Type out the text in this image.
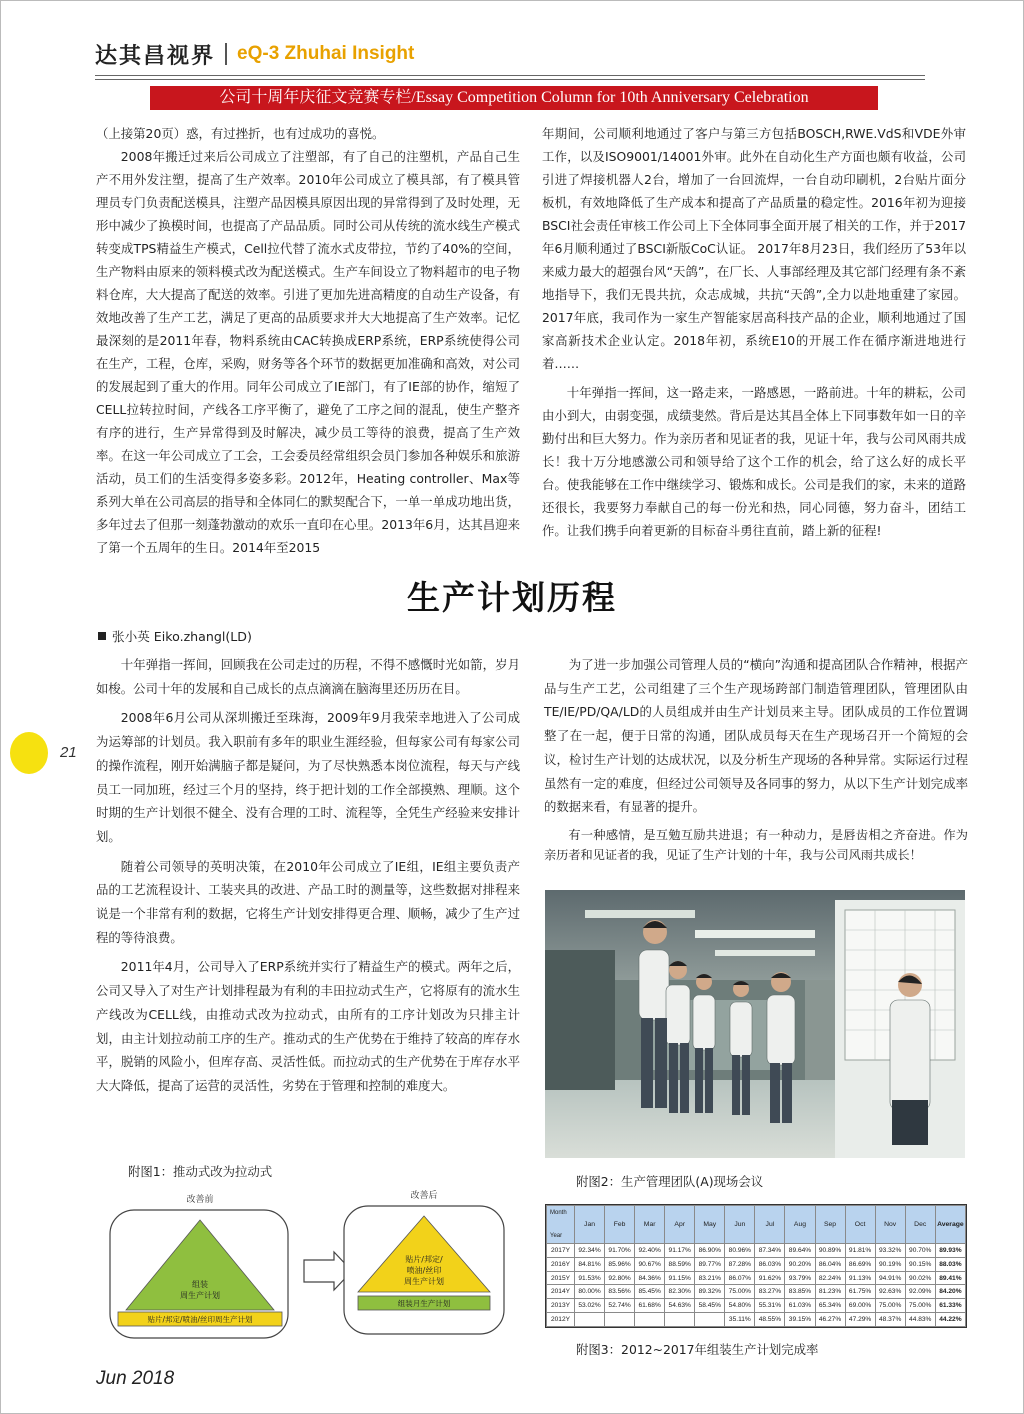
达其昌视界 eQ-3 Zhuhai Insight
公司十周年庆征文竞赛专栏/Essay Competition Column for 10th Anniversary Celebration

（上接第20页）惑，有过挫折，也有过成功的喜悦。

2008年搬迁过来后公司成立了注塑部，有了自己的注塑机，产品自己生产不用外发注塑，提高了生产效率。2010年公司成立了模具部，有了模具管理员专门负责配送模具，注塑产品因模具原因出现的异常得到了及时处理，无形中减少了换模时间，也提高了产品品质。同时公司从传统的流水线生产模式转变成TPS精益生产模式，Cell拉代替了流水式皮带拉，节约了40%的空间，生产物料由原来的领料模式改为配送模式。生产车间设立了物料超市的电子物料仓库，大大提高了配送的效率。引进了更加先进高精度的自动生产设备，有效地改善了生产工艺，满足了更高的品质要求并大大地提高了生产效率。记忆最深刻的是2011年春，物料系统由CAC转换成ERP系统，ERP系统使得公司在生产，工程，仓库，采购，财务等各个环节的数据更加准确和高效，对公司的发展起到了重大的作用。同年公司成立了IE部门，有了IE部的协作，缩短了CELL拉转拉时间，产线各工序平衡了，避免了工序之间的混乱，使生产整齐有序的进行，生产异常得到及时解决，减少员工等待的浪费，提高了生产效率。在这一年公司成立了工会，工会委员经常组织会员门参加各种娱乐和旅游活动，员工们的生活变得多姿多彩。2012年，Heating controller、Max等系列大单在公司高层的指导和全体同仁的默契配合下，一单一单成功地出货，多年过去了但那一刻蓬勃激动的欢乐一直印在心里。2013年6月，达其昌迎来了第一个五周年的生日。2014年至2015

年期间，公司顺利地通过了客户与第三方包括BOSCH,RWE.VdS和VDE外审工作，以及ISO9001/14001外审。此外在自动化生产方面也颇有收益，公司引进了焊接机器人2台，增加了一台回流焊，一台自动印刷机，2台贴片面分板机，有效地降低了生产成本和提高了产品质量的稳定性。2016年初为迎接BSCI社会责任审核工作公司上下全体同事全面开展了相关的工作，并于2017年6月顺利通过了BSCI新版CoC认证。 2017年8月23日，我们经历了53年以来威力最大的超强台风“天鸽”，在厂长、人事部经理及其它部门经理有条不紊地指导下，我们无畏共抗，众志成城，共抗“天鸽”,全力以赴地重建了家园。2017年底，我司作为一家生产智能家居高科技产品的企业，顺利地通过了国家高新技术企业认定。2018年初，系统E10的开展工作在循序渐进地进行着……

十年弹指一挥间，这一路走来，一路感恩，一路前进。十年的耕耘，公司由小到大，由弱变强，成绩斐然。背后是达其昌全体上下同事数年如一日的辛勤付出和巨大努力。作为亲历者和见证者的我，见证十年，我与公司风雨共成长！我十万分地感激公司和领导给了这个工作的机会，给了这么好的成长平台。使我能够在工作中继续学习、锻炼和成长。公司是我们的家，未来的道路还很长，我要努力奉献自己的每一份光和热，同心同德，努力奋斗，团结工作。让我们携手向着更新的目标奋斗勇往直前，踏上新的征程!

生产计划历程
张小英 Eiko.zhangl(LD)
21

十年弹指一挥间，回顾我在公司走过的历程，不得不感慨时光如箭，岁月如梭。公司十年的发展和自己成长的点点滴滴在脑海里还历历在目。

2008年6月公司从深圳搬迁至珠海，2009年9月我荣幸地进入了公司成为运筹部的计划员。我入职前有多年的职业生涯经验，但每家公司有每家公司的操作流程，刚开始满脑子都是疑问，为了尽快熟悉本岗位流程，每天与产线员工一同加班，经过三个月的坚持，终于把计划的工作全部摸熟、理顺。这个时期的生产计划很不健全、没有合理的工时、流程等，全凭生产经验来安排计划。

随着公司领导的英明决策，在2010年公司成立了IE组，IE组主要负责产品的工艺流程设计、工装夹具的改进、产品工时的测量等，这些数据对排程来说是一个非常有利的数据，它将生产计划安排得更合理、顺畅，减少了生产过程的等待浪费。

2011年4月，公司导入了ERP系统并实行了精益生产的模式。两年之后，公司又导入了对生产计划排程最为有利的丰田拉动式生产，它将原有的流水生产线改为CELL线，由推动式改为拉动式，由所有的工序计划改为只排主计划，由主计划拉动前工序的生产。推动式的生产优势在于维持了较高的库存水平，脱销的风险小，但库存高、灵活性低。而拉动式的生产优势在于库存水平大大降低，提高了运营的灵活性，劣势在于管理和控制的难度大。

为了进一步加强公司管理人员的“横向”沟通和提高团队合作精神，根据产品与生产工艺，公司组建了三个生产现场跨部门制造管理团队，管理团队由TE/IE/PD/QA/LD的人员组成并由生产计划员来主导。团队成员的工作位置调整了在一起，便于日常的沟通，团队成员每天在生产现场召开一个简短的会议，检讨生产计划的达成状况，以及分析生产现场的各种异常。实际运行过程虽然有一定的难度，但经过公司领导及各同事的努力，从以下生产计划完成率的数据来看，有显著的提升。

有一种感情，是互勉互励共进退；有一种动力，是唇齿相之齐奋进。作为亲历者和见证者的我，见证了生产计划的十年，我与公司风雨共成长！

附图1：推动式改为拉动式
改善前
组装
周生产计划
贴片/邦定/喷油/丝印周生产计划
改善后
贴片/邦定/
喷油/丝印
周生产计划
组装月生产计划
附图2：生产管理团队(A)现场会议
Month
Year	Jan	Feb	Mar	Apr	May	Jun	Jul	Aug	Sep	Oct	Nov	Dec	Average
2017Y	92.34%	91.70%	92.40%	91.17%	86.90%	80.96%	87.34%	89.64%	90.89%	91.81%	93.32%	90.70%	89.93%
2016Y	84.81%	85.96%	90.67%	88.59%	89.77%	87.28%	86.03%	90.20%	86.04%	86.69%	90.19%	90.15%	88.03%
2015Y	91.53%	92.80%	84.36%	91.15%	83.21%	86.07%	91.62%	93.79%	82.24%	91.13%	94.91%	90.02%	89.41%
2014Y	80.00%	83.56%	85.45%	82.30%	89.32%	75.00%	83.27%	83.85%	81.23%	61.75%	92.63%	92.09%	84.20%
2013Y	53.02%	52.74%	61.68%	54.63%	58.45%	54.80%	55.31%	61.03%	65.34%	69.00%	75.00%	75.00%	61.33%
2012Y						35.11%	48.55%	39.15%	46.27%	47.29%	48.37%	44.83%	44.22%
附图3：2012~2017年组装生产计划完成率
Jun 2018
